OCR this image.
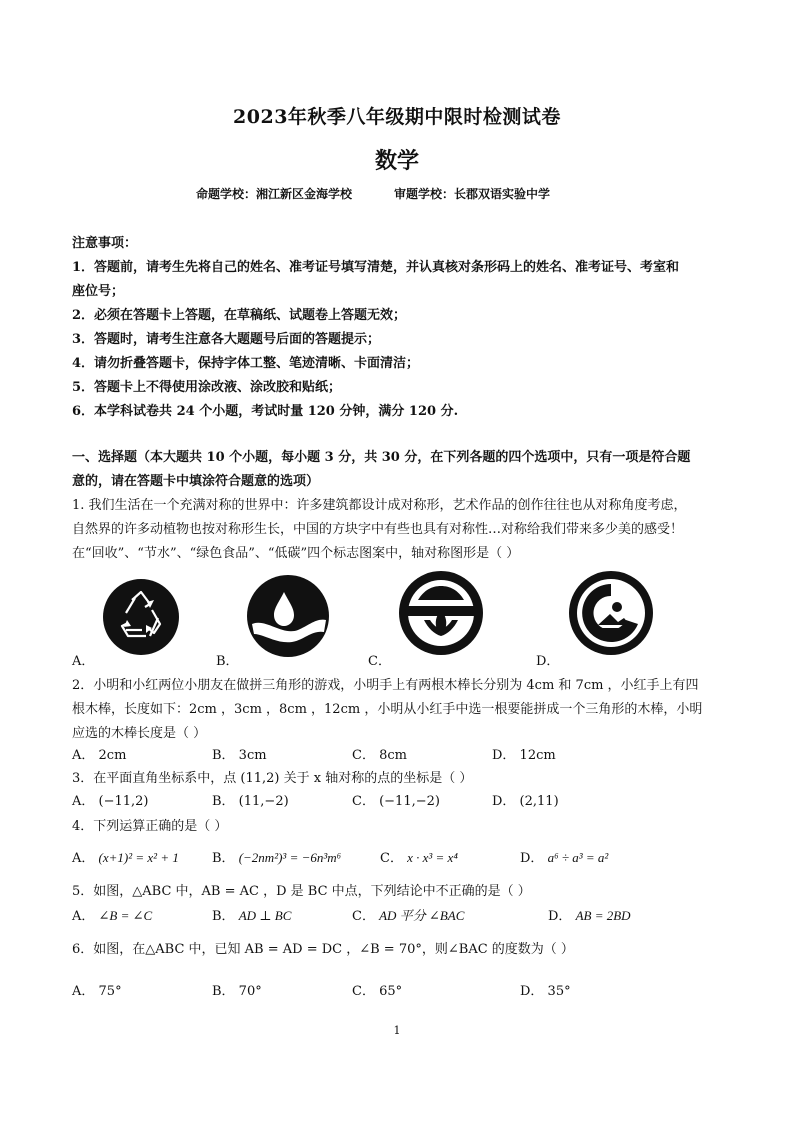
2023年秋季八年级期中限时检测试卷
数学
命题学校：湘江新区金海学校	审题学校：长郡双语实验中学
注意事项：
1．答题前，请考生先将自己的姓名、准考证号填写清楚，并认真核对条形码上的姓名、准考证号、考室和
座位号；
2．必须在答题卡上答题，在草稿纸、试题卷上答题无效；
3．答题时，请考生注意各大题题号后面的答题提示；
4．请勿折叠答题卡，保持字体工整、笔迹清晰、卡面清洁；
5．答题卡上不得使用涂改液、涂改胶和贴纸；
6．本学科试卷共 24 个小题，考试时量 120 分钟，满分 120 分.
一、选择题（本大题共 10 个小题，每小题 3 分，共 30 分，在下列各题的四个选项中，只有一项是符合题
意的，请在答题卡中填涂符合题意的选项）
1. 我们生活在一个充满对称的世界中：许多建筑都设计成对称形，艺术作品的创作往往也从对称角度考虑，
自然界的许多动植物也按对称形生长，中国的方块字中有些也具有对称性…对称给我们带来多少美的感受！
在“回收”、“节水”、“绿色食品”、“低碳”四个标志图案中，轴对称图形是（ ）
A．	B．	C．	D．
2．小明和小红两位小朋友在做拼三角形的游戏，小明手上有两根木棒长分别为 4cm 和 7cm ，小红手上有四
根木棒，长度如下：2cm ，3cm ，8cm ，12cm ，小明从小红手中选一根要能拼成一个三角形的木棒，小明
应选的木棒长度是（ ）
A． 2cm	B． 3cm	C． 8cm	D． 12cm
3．在平面直角坐标系中，点 (11,2) 关于 x 轴对称的点的坐标是（ ）
A． (−11,2)	B． (11,−2)	C． (−11,−2)	D． (2,11)
4．下列运算正确的是（ ）
A． (x+1)² = x² + 1	B． (−2nm²)³ = −6n³m⁶	C． x · x³ = x⁴	D． a⁶ ÷ a³ = a²
5．如图，△ABC 中，AB = AC ，D 是 BC 中点，下列结论中不正确的是（ ）
A． ∠B = ∠C	B． AD ⊥ BC	C． AD 平分 ∠BAC	D． AB = 2BD
6．如图，在△ABC 中，已知 AB = AD = DC ，∠B = 70°，则∠BAC 的度数为（ ）
A． 75°	B． 70°	C． 65°	D． 35°
1
